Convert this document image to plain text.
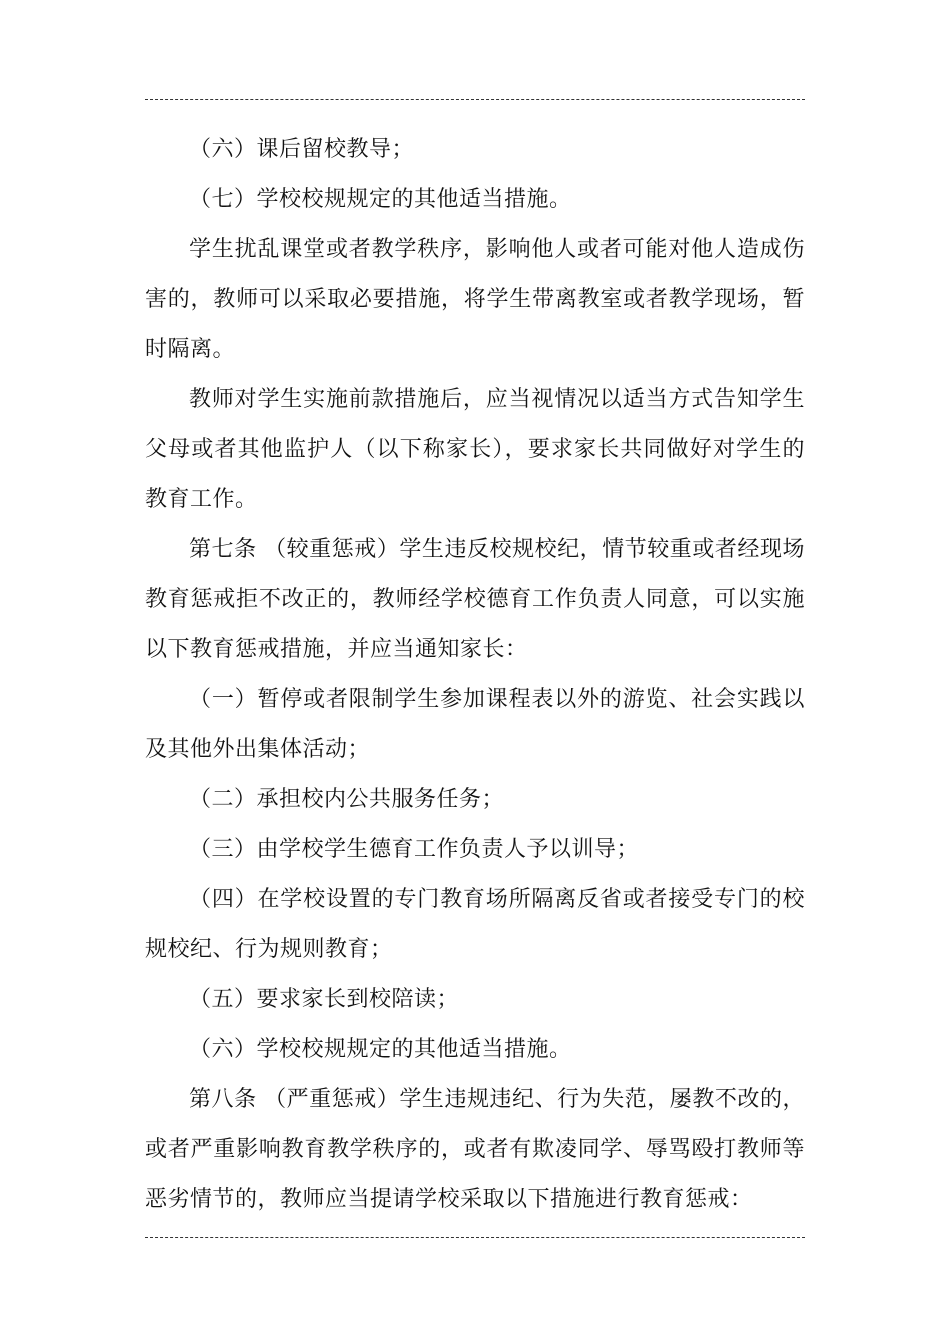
（六）课后留校教导；

（七）学校校规规定的其他适当措施。

学生扰乱课堂或者教学秩序，影响他人或者可能对他人造成伤害的，教师可以采取必要措施，将学生带离教室或者教学现场，暂时隔离。

教师对学生实施前款措施后，应当视情况以适当方式告知学生父母或者其他监护人（以下称家长），要求家长共同做好对学生的教育工作。

第七条 （较重惩戒）学生违反校规校纪，情节较重或者经现场教育惩戒拒不改正的，教师经学校德育工作负责人同意，可以实施以下教育惩戒措施，并应当通知家长：

（一）暂停或者限制学生参加课程表以外的游览、社会实践以及其他外出集体活动；

（二）承担校内公共服务任务；

（三）由学校学生德育工作负责人予以训导；

（四）在学校设置的专门教育场所隔离反省或者接受专门的校规校纪、行为规则教育；

（五）要求家长到校陪读；

（六）学校校规规定的其他适当措施。

第八条 （严重惩戒）学生违规违纪、行为失范，屡教不改的，或者严重影响教育教学秩序的，或者有欺凌同学、辱骂殴打教师等恶劣情节的，教师应当提请学校采取以下措施进行教育惩戒：
